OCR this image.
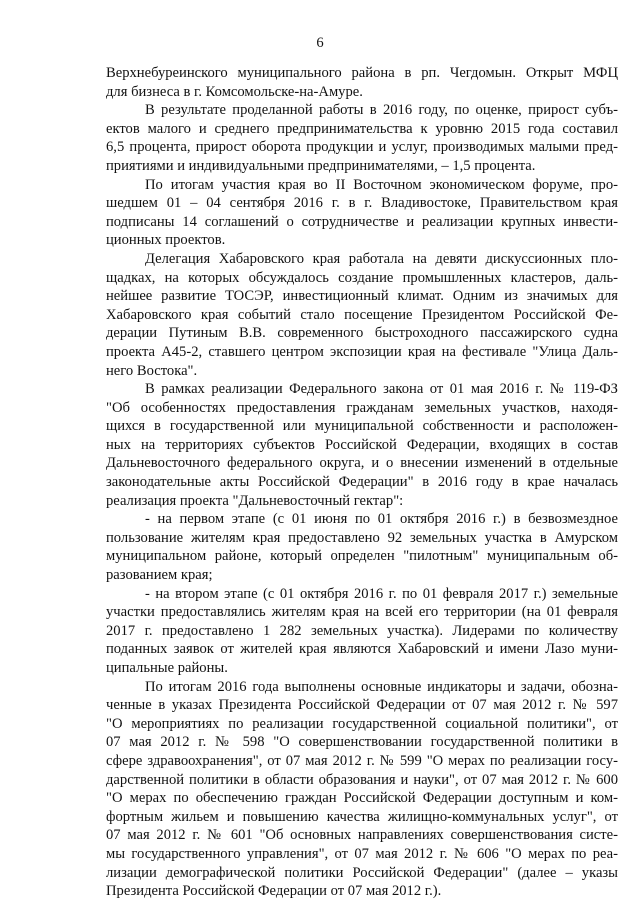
6
Верхнебуреинского муниципального района в рп. Чегдомын. Открыт МФЦ
для бизнеса в г. Комсомольске-на-Амуре.
В результате проделанной работы в 2016 году, по оценке, прирост субъ-
ектов малого и среднего предпринимательства к уровню 2015 года составил
6,5 процента, прирост оборота продукции и услуг, производимых малыми пред-
приятиями и индивидуальными предпринимателями, – 1,5 процента.
По итогам участия края во II Восточном экономическом форуме, про-
шедшем 01 – 04 сентября 2016 г. в г. Владивостоке, Правительством края
подписаны 14 соглашений о сотрудничестве и реализации крупных инвести-
ционных проектов.
Делегация Хабаровского края работала на девяти дискуссионных пло-
щадках, на которых обсуждалось создание промышленных кластеров, даль-
нейшее развитие ТОСЭР, инвестиционный климат. Одним из значимых для
Хабаровского края событий стало посещение Президентом Российской Фе-
дерации Путиным В.В. современного быстроходного пассажирского судна
проекта А45-2, ставшего центром экспозиции края на фестивале "Улица Даль-
него Востока".
В рамках реализации Федерального закона от 01 мая 2016 г. № 119-ФЗ
"Об особенностях предоставления гражданам земельных участков, находя-
щихся в государственной или муниципальной собственности и расположен-
ных на территориях субъектов Российской Федерации, входящих в состав
Дальневосточного федерального округа, и о внесении изменений в отдельные
законодательные акты Российской Федерации" в 2016 году в крае началась
реализация проекта "Дальневосточный гектар":
- на первом этапе (с 01 июня по 01 октября 2016 г.) в безвозмездное
пользование жителям края предоставлено 92 земельных участка в Амурском
муниципальном районе, который определен "пилотным" муниципальным об-
разованием края;
- на втором этапе (с 01 октября 2016 г. по 01 февраля 2017 г.) земельные
участки предоставлялись жителям края на всей его территории (на 01 февраля
2017 г. предоставлено 1 282 земельных участка). Лидерами по количеству
поданных заявок от жителей края являются Хабаровский и имени Лазо муни-
ципальные районы.
По итогам 2016 года выполнены основные индикаторы и задачи, обозна-
ченные в указах Президента Российской Федерации от 07 мая 2012 г. № 597
"О мероприятиях по реализации государственной социальной политики", от
07 мая 2012 г. № 598 "О совершенствовании государственной политики в
сфере здравоохранения", от 07 мая 2012 г. № 599 "О мерах по реализации госу-
дарственной политики в области образования и науки", от 07 мая 2012 г. № 600
"О мерах по обеспечению граждан Российской Федерации доступным и ком-
фортным жильем и повышению качества жилищно-коммунальных услуг", от
07 мая 2012 г. № 601 "Об основных направлениях совершенствования систе-
мы государственного управления", от 07 мая 2012 г. № 606 "О мерах по реа-
лизации демографической политики Российской Федерации" (далее – указы
Президента Российской Федерации от 07 мая 2012 г.).
